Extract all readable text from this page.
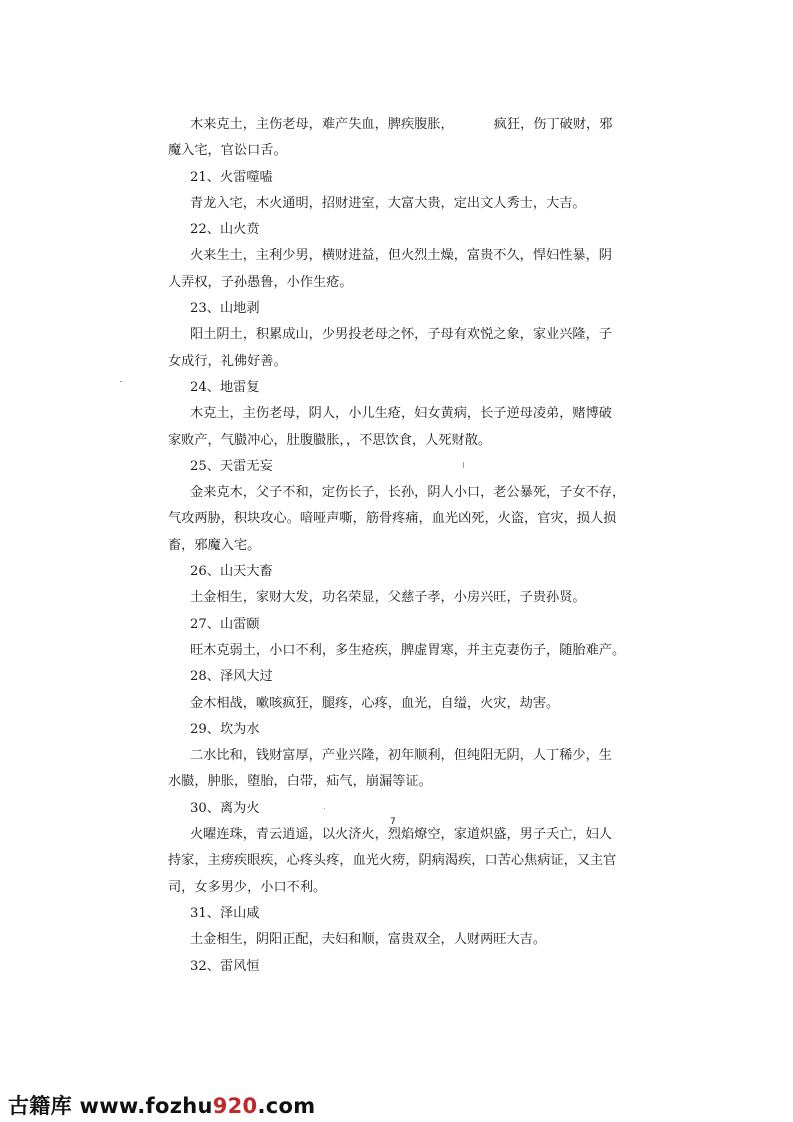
木来克土，主伤老母，难产失血，脾疾腹胀，	疯狂，伤丁破财，邪
魔入宅，官讼口舌。
21、火雷噬嗑
青龙入宅，木火通明，招财进室，大富大贵，定出文人秀士，大吉。
22、山火贲
火来生土，主利少男，横财进益，但火烈土燥，富贵不久，悍妇性暴，阴
人弄权，子孙愚鲁，小作生疮。
23、山地剥
阳土阴土，积累成山，少男投老母之怀，子母有欢悦之象，家业兴隆，子
女成行，礼佛好善。
24、地雷复
木克土，主伤老母，阴人，小儿生疮，妇女黄病，长子逆母凌弟，赌博破
家败产，气臌冲心，肚腹臌胀，，不思饮食，人死财散。
25、天雷无妄
金来克木，父子不和，定伤长子，长孙，阴人小口，老公暴死，子女不存，
气攻两胁，积块攻心。喑哑声嘶，筋骨疼痛，血光凶死，火盗，官灾，损人损
畜，邪魔入宅。
26、山天大畜
土金相生，家财大发，功名荣显，父慈子孝，小房兴旺，子贵孙贤。
27、山雷颐
旺木克弱土，小口不利，多生疮疾，脾虚胃寒，并主克妻伤子，随胎难产。
28、泽风大过
金木相战，嗽咳疯狂，腿疼，心疼，血光，自缢，火灾，劫害。
29、坎为水
二水比和，钱财富厚，产业兴隆，初年顺利，但纯阳无阴，人丁稀少，生
水臌，肿胀，堕胎，白带，疝气，崩漏等证。
30、离为火
火曜连珠，青云逍遥，以火济火，烈焰燎空，家道炽盛，男子夭亡，妇人
持家，主痨疾眼疾，心疼头疼，血光火痨，阴病渴疾，口苦心焦病证，又主官
司，女多男少，小口不利。
31、泽山咸
土金相生，阴阳正配，夫妇和顺，富贵双全，人财两旺大吉。
32、雷风恒
7
古籍库 www.fozhu920.com
